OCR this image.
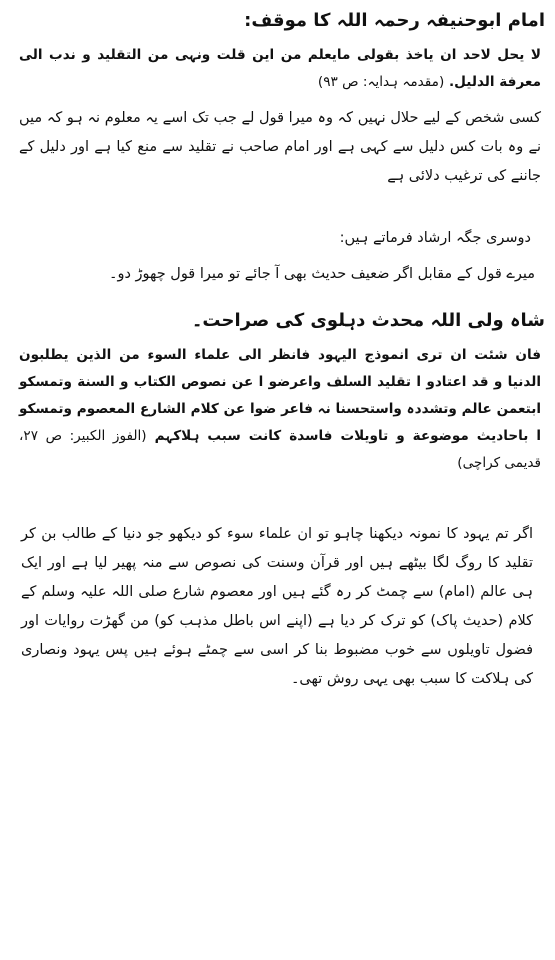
امام ابوحنیفہ رحمہ اللہ کا موقف:
لا یحل لاحد ان یاخذ بقولی مایعلم من این قلت ونہی من التقلید و ندب الی معرفة الدلیل. (مقدمہ ہدایہ: ص ۹۳)
کسی شخص کے لیے حلال نہیں کہ وہ میرا قول لے جب تک اسے یہ معلوم نہ ہو کہ میں نے وہ بات کس دلیل سے کہی ہے اور امام صاحب نے تقلید سے منع کیا ہے اور دلیل کے جاننے کی ترغیب دلائی ہے
دوسری جگہ ارشاد فرماتے ہیں:
میرے قول کے مقابل اگر ضعیف حدیث بھی آ جائے تو میرا قول چھوڑ دو۔
شاہ ولی اللہ محدث دہلوی کی صراحت۔
فان شئت ان تری انموذج الیہود فانظر الی علماء السوء من الذین یطلبون الدنیا و قد اعتادو ا تقلید السلف واعرضو ا عن نصوص الکتاب و السنة وتمسکو ابتعمن عالم وتشددہ واستحسنا نہ فاعر ضوا عن کلام الشارع المعصوم وتمسکو ا باحادیث موضوعة و تاویلات فاسدة کانت سبب ہلاکہم (الفوز الکبیر: ص ۲۷، قدیمی کراچی)
اگر تم یہود کا نمونہ دیکھنا چاہو تو ان علماء سوء کو دیکھو جو دنیا کے طالب بن کر تقلید کا روگ لگا بیٹھے ہیں اور قرآن وسنت کی نصوص سے منہ پھیر لیا ہے اور ایک ہی عالم (امام) سے چمٹ کر رہ گئے ہیں اور معصوم شارع صلی اللہ علیہ وسلم کے کلام (حدیث پاک) کو ترک کر دیا ہے (اپنے اس باطل مذہب کو) من گھڑت روایات اور فضول تاویلوں سے خوب مضبوط بنا کر اسی سے چمٹے ہوئے ہیں پس یہود ونصاری کی ہلاکت کا سبب بھی یہی روش تھی۔
